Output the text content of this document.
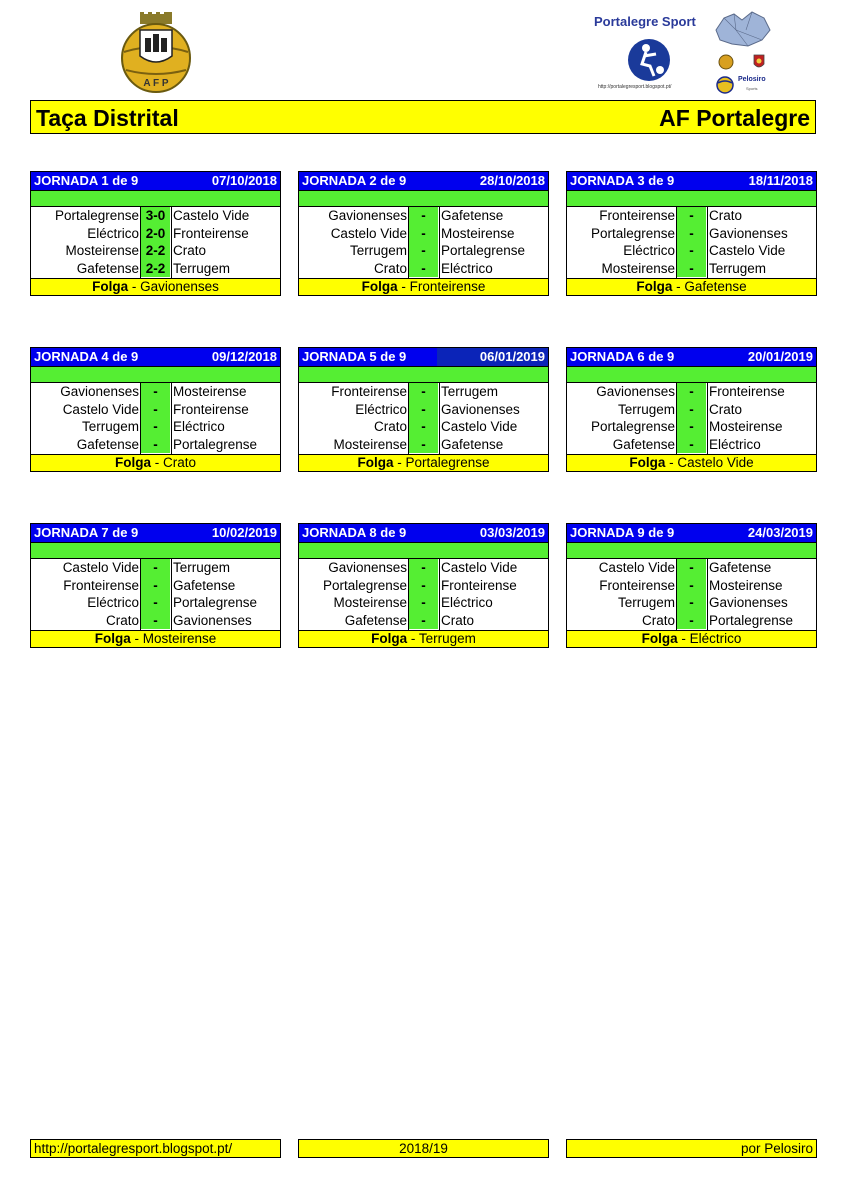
A F P
Portalegre Sport
Pelosiro
Sports
http://portalegresport.blogspot.pt/
Taça Distrital	AF Portalegre
JORNADA 1 de 9	07/10/2018
Portalegrense 3-0 Castelo Vide
Eléctrico 2-0 Fronteirense
Mosteirense 2-2 Crato
Gafetense 2-2 Terrugem
Folga - Gavionenses
JORNADA 2 de 9	28/10/2018
Gavionenses	-	Gafetense
Castelo Vide	-	Mosteirense
Terrugem	-	Portalegrense
Crato	-	Eléctrico
Folga - Fronteirense
JORNADA 3 de 9	18/11/2018
Fronteirense	-	Crato
Portalegrense	-	Gavionenses
Eléctrico	-	Castelo Vide
Mosteirense	-	Terrugem
Folga - Gafetense
JORNADA 4 de 9	09/12/2018
Gavionenses	-	Mosteirense
Castelo Vide	-	Fronteirense
Terrugem	-	Eléctrico
Gafetense	-	Portalegrense
Folga - Crato
JORNADA 5 de 9	06/01/2019
Fronteirense	-	Terrugem
Eléctrico	-	Gavionenses
Crato	-	Castelo Vide
Mosteirense	-	Gafetense
Folga - Portalegrense
JORNADA 6 de 9	20/01/2019
Gavionenses	-	Fronteirense
Terrugem	-	Crato
Portalegrense	-	Mosteirense
Gafetense	-	Eléctrico
Folga - Castelo Vide
JORNADA 7 de 9	10/02/2019
Castelo Vide	-	Terrugem
Fronteirense	-	Gafetense
Eléctrico	-	Portalegrense
Crato	-	Gavionenses
Folga - Mosteirense
JORNADA 8 de 9	03/03/2019
Gavionenses	-	Castelo Vide
Portalegrense	-	Fronteirense
Mosteirense	-	Eléctrico
Gafetense	-	Crato
Folga - Terrugem
JORNADA 9 de 9	24/03/2019
Castelo Vide	-	Gafetense
Fronteirense	-	Mosteirense
Terrugem	-	Gavionenses
Crato	-	Portalegrense
Folga - Eléctrico
http://portalegresport.blogspot.pt/	2018/19	por Pelosiro
